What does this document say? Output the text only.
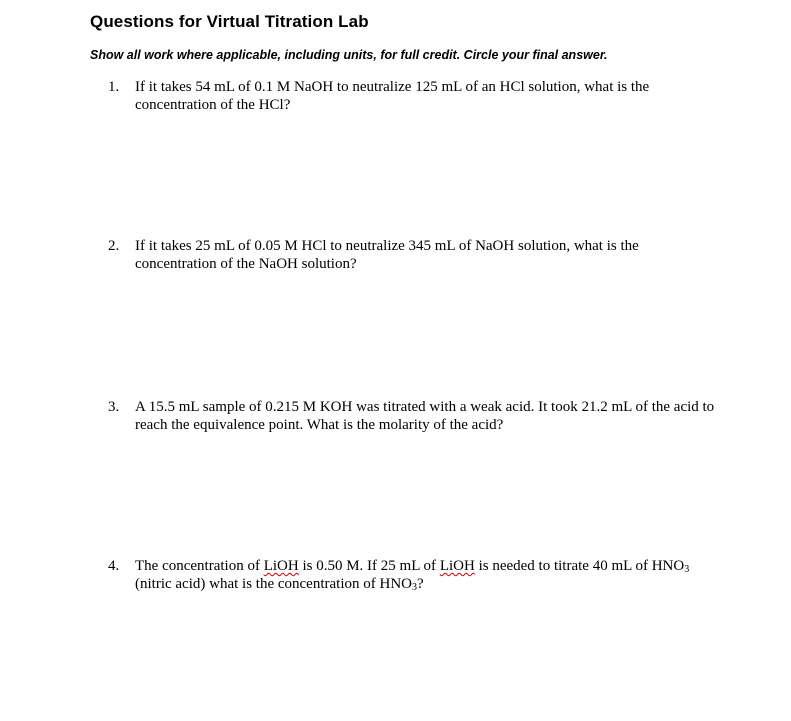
Questions for Virtual Titration Lab
Show all work where applicable, including units, for full credit. Circle your final answer.
1. If it takes 54 mL of 0.1 M NaOH to neutralize 125 mL of an HCl solution, what is the concentration of the HCl?
2. If it takes 25 mL of 0.05 M HCl to neutralize 345 mL of NaOH solution, what is the concentration of the NaOH solution?
3. A 15.5 mL sample of 0.215 M KOH was titrated with a weak acid. It took 21.2 mL of the acid to reach the equivalence point. What is the molarity of the acid?
4. The concentration of LiOH is 0.50 M. If 25 mL of LiOH is needed to titrate 40 mL of $HNO_3$ (nitric acid) what is the concentration of $HNO_3$?
